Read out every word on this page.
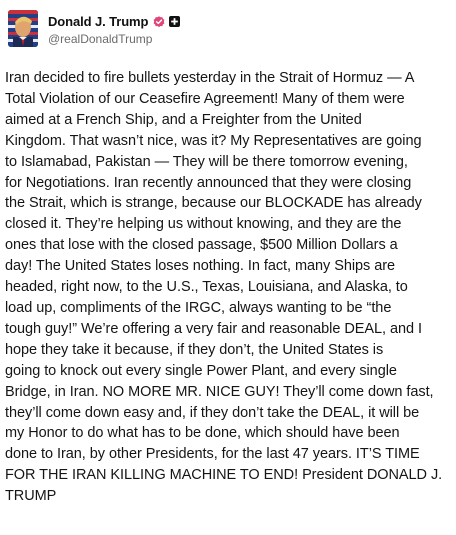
Donald J. Trump
@realDonaldTrump
Iran decided to fire bullets yesterday in the Strait of Hormuz — A
Total Violation of our Ceasefire Agreement! Many of them were
aimed at a French Ship, and a Freighter from the United
Kingdom. That wasn’t nice, was it? My Representatives are going
to Islamabad, Pakistan — They will be there tomorrow evening,
for Negotiations. Iran recently announced that they were closing
the Strait, which is strange, because our BLOCKADE has already
closed it. They’re helping us without knowing, and they are the
ones that lose with the closed passage, $500 Million Dollars a
day! The United States loses nothing. In fact, many Ships are
headed, right now, to the U.S., Texas, Louisiana, and Alaska, to
load up, compliments of the IRGC, always wanting to be “the
tough guy!” We’re offering a very fair and reasonable DEAL, and I
hope they take it because, if they don’t, the United States is
going to knock out every single Power Plant, and every single
Bridge, in Iran. NO MORE MR. NICE GUY! They’ll come down fast,
they’ll come down easy and, if they don’t take the DEAL, it will be
my Honor to do what has to be done, which should have been
done to Iran, by other Presidents, for the last 47 years. IT’S TIME
FOR THE IRAN KILLING MACHINE TO END! President DONALD J.
TRUMP
